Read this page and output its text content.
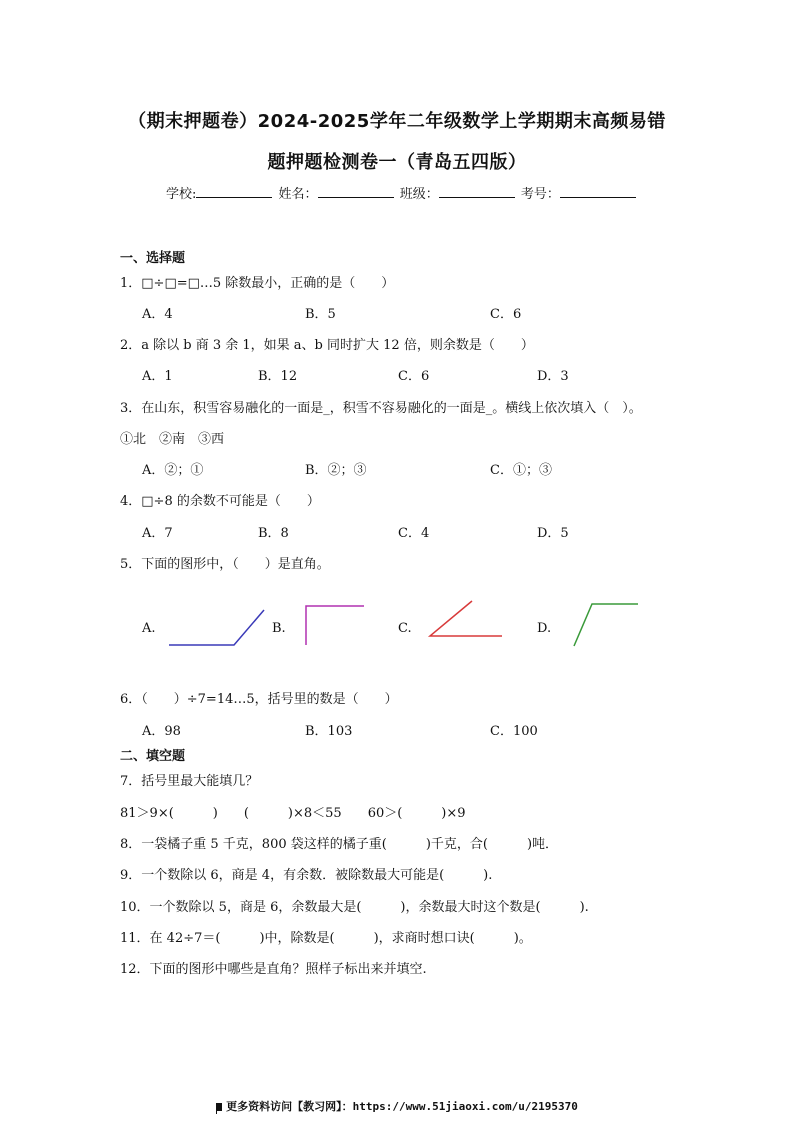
（期末押题卷）2024-2025学年二年级数学上学期期末高频易错
题押题检测卷一（青岛五四版）
学校:	姓名：	班级：	考号：
一、选择题
1．□÷□=□…5 除数最小，正确的是（　　）
A．4	B．5	C．6
2．a 除以 b 商 3 余 1，如果 a、b 同时扩大 12 倍，则余数是（　　）
A．1	B．12	C．6	D．3
3．在山东，积雪容易融化的一面是_，积雪不容易融化的一面是_。横线上依次填入（　）。
①北　②南　③西
A．②；①	B．②；③	C．①；③
4．□÷8 的余数不可能是（　　）
A．7	B．8	C．4	D．5
5．下面的图形中，（　　）是直角。
A.	B.	C.	D.
6．（　　）÷7=14…5，括号里的数是（　　）
A．98	B．103	C．100
二、填空题
7．括号里最大能填几？
81＞9×(　　　)　　(　　　)×8＜55　　60＞(　　　)×9
8．一袋橘子重 5 千克，800 袋这样的橘子重(　　　)千克，合(　　　)吨．
9．一个数除以 6，商是 4，有余数．被除数最大可能是(　　　).
10．一个数除以 5，商是 6，余数最大是(　　　)，余数最大时这个数是(　　　).
11．在 42÷7＝(　　　)中，除数是(　　　)，求商时想口诀(　　　)。
12．下面的图形中哪些是直角？照样子标出来并填空.
更多资料访问【教习网】：https://www.51jiaoxi.com/u/2195370
